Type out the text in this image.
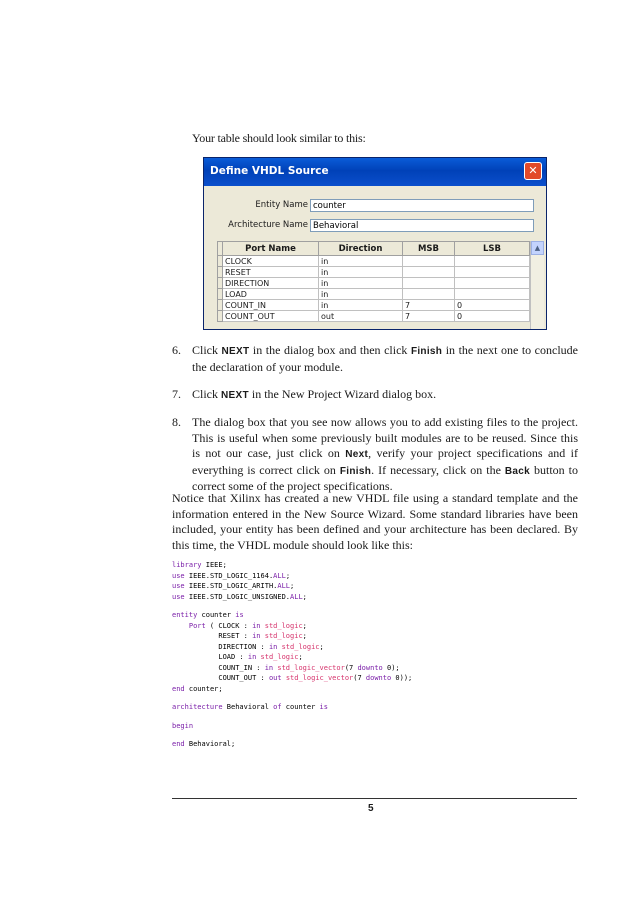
Your table should look similar to this:
Define VHDL Source	✕
Entity Name
counter
Architecture Name
Behavioral
	Port Name	Direction	MSB	LSB
	CLOCK	in		
	RESET	in		
	DIRECTION	in		
	LOAD	in		
	COUNT_IN	in	7	0
	COUNT_OUT	out	7	0
▲
6. Click NEXT in the dialog box and then click Finish in the next one to conclude the declaration of your module.
7. Click NEXT in the New Project Wizard dialog box.
8. The dialog box that you see now allows you to add existing files to the project. This is useful when some previously built modules are to be reused. Since this is not our case, just click on Next, verify your project specifications and if everything is correct click on Finish. If necessary, click on the Back button to correct some of the project specifications.
Notice that Xilinx has created a new VHDL file using a standard template and the information entered in the New Source Wizard. Some standard libraries have been included, your entity has been defined and your architecture has been declared. By this time, the VHDL module should look like this:
library IEEE;
use IEEE.STD_LOGIC_1164.ALL;
use IEEE.STD_LOGIC_ARITH.ALL;
use IEEE.STD_LOGIC_UNSIGNED.ALL;
entity counter is
Port ( CLOCK : in std_logic;
RESET : in std_logic;
DIRECTION : in std_logic;
LOAD : in std_logic;
COUNT_IN : in std_logic_vector(7 downto 0);
COUNT_OUT : out std_logic_vector(7 downto 0));
end counter;
architecture Behavioral of counter is
begin
end Behavioral;
5
